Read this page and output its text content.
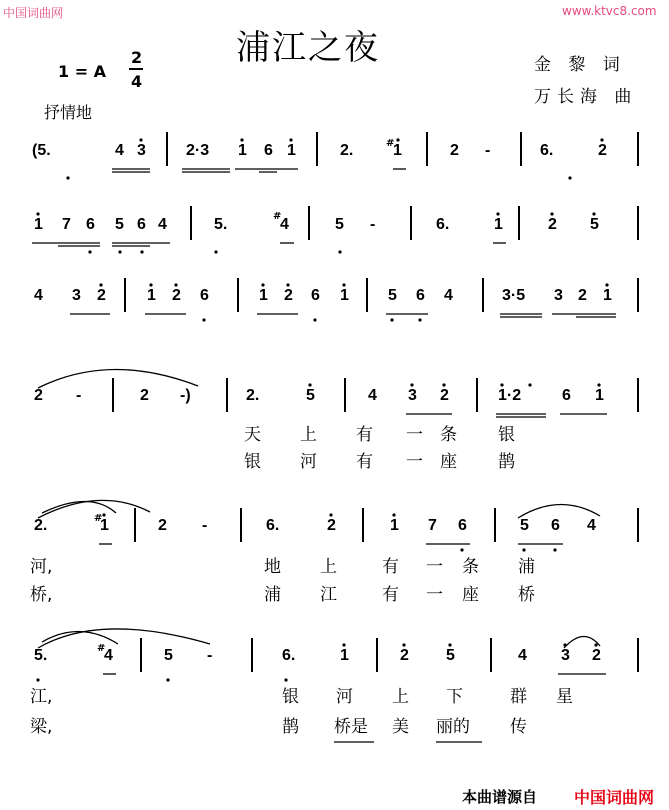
中国词曲网	www.ktvc8.com
浦江之夜
1 = A
2
4
抒情地
金 黎 词
万长海 曲
(5.	4 3	2·3 1 6 1	2. 1	2 -	6.	2
1 7 6 5 6 4	5.	4	5 -	6.	1	2 5
4 3 2	1 2 6	1 2 6 1 5 6 4	3·5 3 2 1
2 -	2 -)	2.	5	4 3 2	1·2	6 1
2.	1	2 -	6.	2	1 7 6	5 6 4
5.	4	5 -	6.	1	2 5	4 3 2
天 上 有 一 条 银
银 河 有 一 座 鹊
河,	地 上	有 一 条 浦
桥,	浦 江	有 一 座 桥
江,	银 河 上 下	群 星
梁,	鹊 桥是 美 丽的 传
#
#
#
#
本曲谱源自 中国词曲网
